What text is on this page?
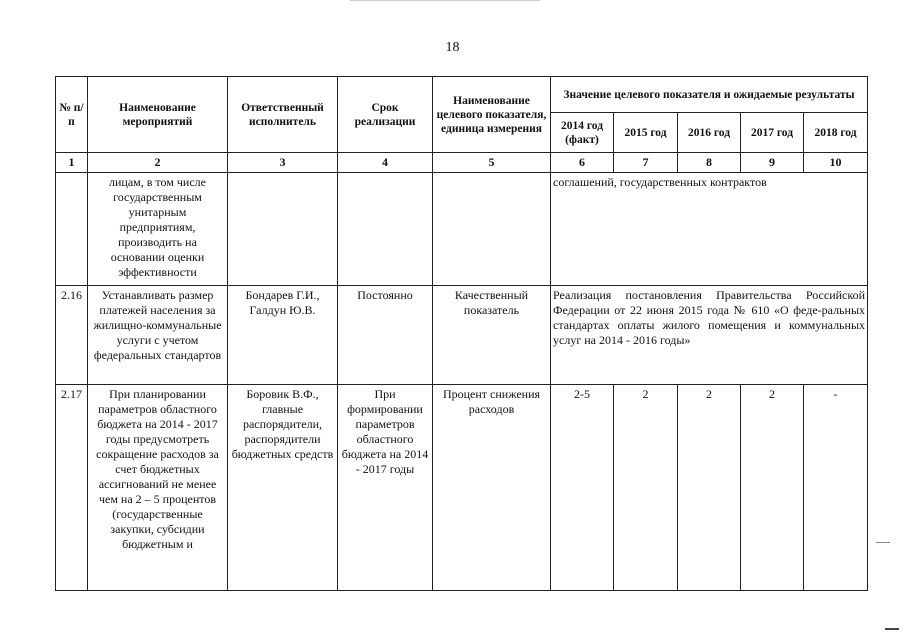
18
№ п/п	Наименование мероприятий	Ответственный исполнитель	Срок реализации	Наименование целевого показателя, единица измерения	Значение целевого показателя и ожидаемые результаты				
					2014 год (факт)	2015 год	2016 год	2017 год	2018 год
1	2	3	4	5	6	7	8	9	10
	лицам, в том числе государственным унитарным предприятиям, производить на основании оценки эффективности				соглашений, государственных контрактов				
2.16	Устанавливать размер платежей населения за жилищно-коммунальные услуги с учетом федеральных стандартов	Бондарев Г.И., Галдун Ю.В.	Постоянно	Качественный показатель	Реализация постановления Правительства Российской Федерации от 22 июня 2015 года № 610 «О феде-ральных стандартах оплаты жилого помещения и коммунальных услуг на 2014 - 2016 годы»				
2.17	При планировании параметров областного бюджета на 2014 - 2017 годы предусмотреть сокращение расходов за счет бюджетных ассигнований не менее чем на 2 – 5 процентов (государственные закупки, субсидии бюджетным и	Боровик В.Ф., главные распорядители, распорядители бюджетных средств	При формировании параметров областного бюджета на 2014 - 2017 годы	Процент снижения расходов	2-5	2	2	2	-
